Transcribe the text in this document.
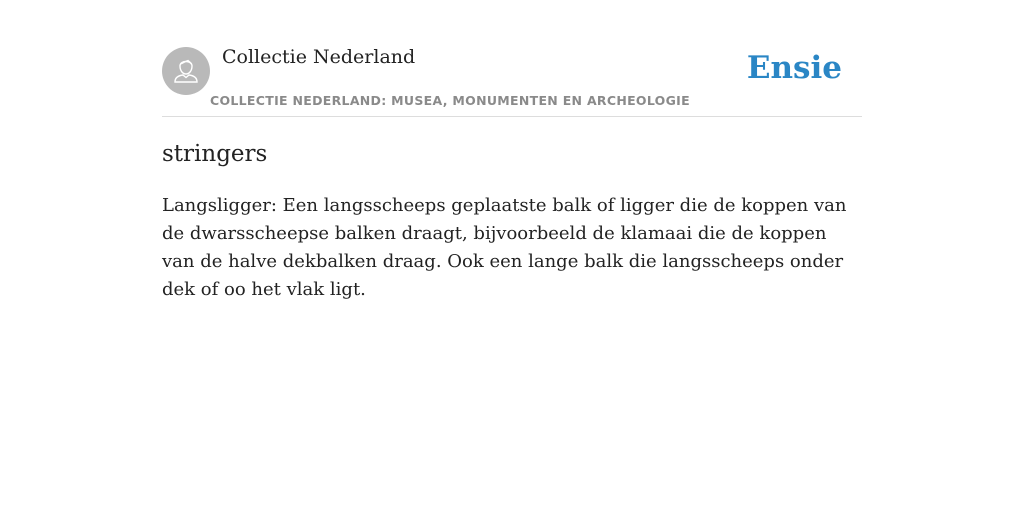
Collectie Nederland
COLLECTIE NEDERLAND: MUSEA, MONUMENTEN EN ARCHEOLOGIE
Ensie
stringers

Langsligger: Een langsscheeps geplaatste balk of ligger die de koppen van de dwarsscheepse balken draagt, bijvoorbeeld de klamaai die de koppen van de halve dekbalken draag. Ook een lange balk die langsscheeps onder dek of oo het vlak ligt.
